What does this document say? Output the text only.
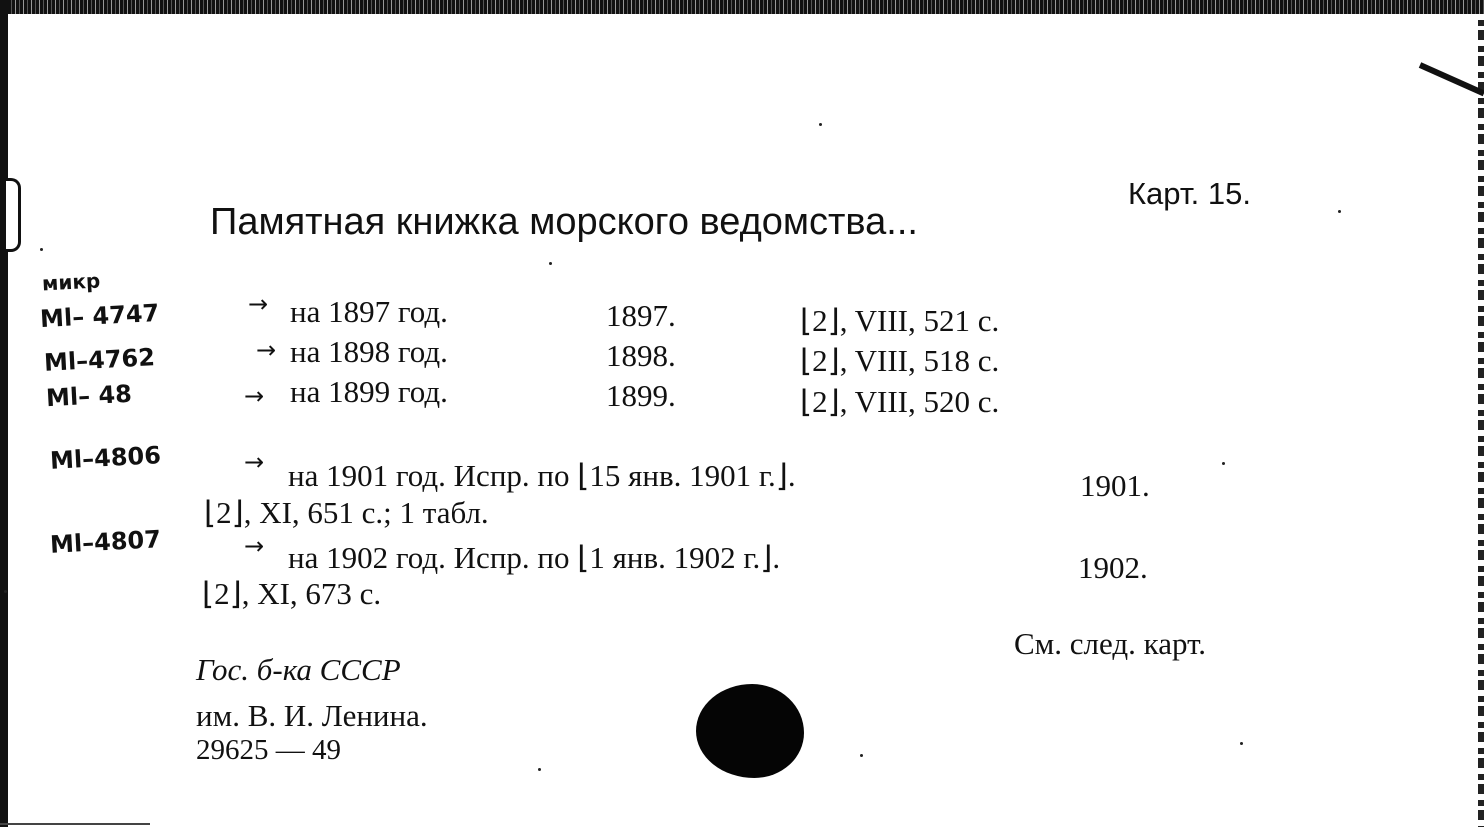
Карт. 15.
Памятная книжка морского ведомства...
микр
Ml– 4747
Ml–4762
Ml– 48
Ml–4806
Ml–4807
→
→
→
→
→
на 1897 год.	1897.	⌊2⌋, VIII, 521 с.
на 1898 год.	1898.	⌊2⌋, VIII, 518 с.
на 1899 год.	1899.	⌊2⌋, VIII, 520 с.
на 1901 год. Испр. по ⌊15 янв. 1901 г.⌋.	1901.
⌊2⌋, XI, 651 с.; 1 табл.
на 1902 год. Испр. по ⌊1 янв. 1902 г.⌋.	1902.
⌊2⌋, XI, 673 с.
См. след. карт.
Гос. б-ка СССР
им. В. И. Ленина.
29625 — 49
